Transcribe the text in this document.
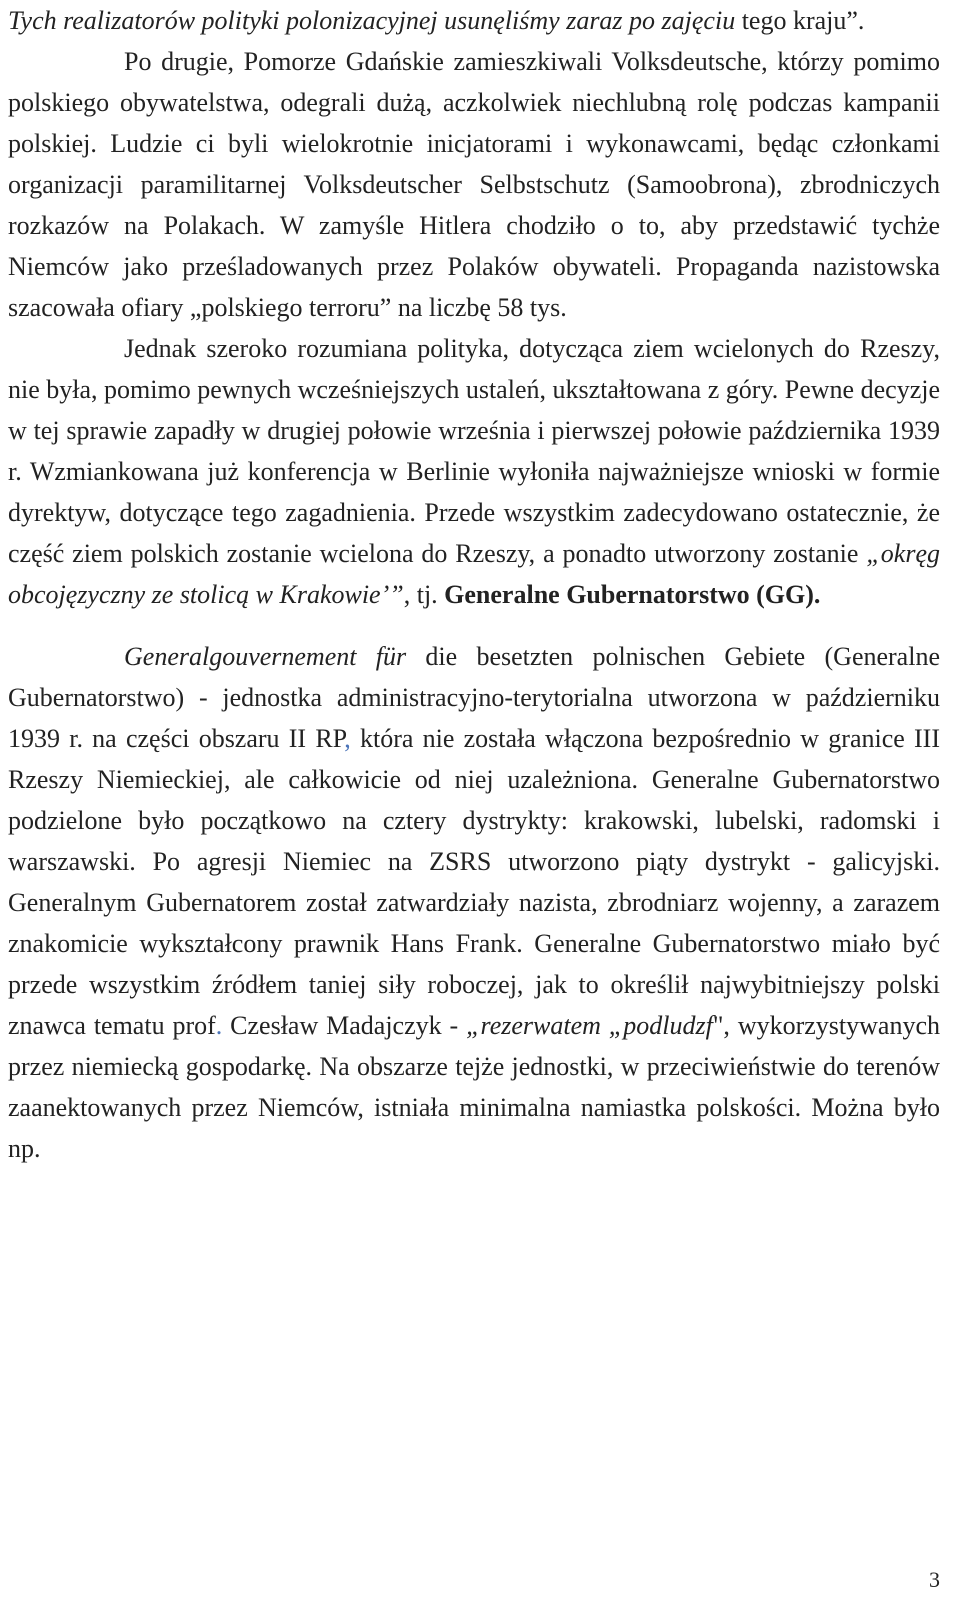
Tych realizatorów polityki polonizacyjnej usunęliśmy zaraz po zajęciu tego kraju”.

Po drugie, Pomorze Gdańskie zamieszkiwali Volksdeutsche, którzy pomimo polskiego obywatelstwa, odegrali dużą, aczkolwiek niechlubną rolę podczas kampanii polskiej. Ludzie ci byli wielokrotnie inicjatorami i wykonawcami, będąc członkami organizacji paramilitarnej Volksdeutscher Selbstschutz (Samoobrona), zbrodniczych rozkazów na Polakach. W zamyśle Hitlera chodziło o to, aby przedstawić tychże Niemców jako prześladowanych przez Polaków obywateli. Propaganda nazistowska szacowała ofiary „polskiego terroru” na liczbę 58 tys.

Jednak szeroko rozumiana polityka, dotycząca ziem wcielonych do Rzeszy, nie była, pomimo pewnych wcześniejszych ustaleń, ukształtowana z góry. Pewne decyzje w tej sprawie zapadły w drugiej połowie września i pierwszej połowie października 1939 r. Wzmiankowana już konferencja w Berlinie wyłoniła najważniejsze wnioski w formie dyrektyw, dotyczące tego zagadnienia. Przede wszystkim zadecydowano ostatecznie, że część ziem polskich zostanie wcielona do Rzeszy, a ponadto utworzony zostanie „okręg obcojęzyczny ze stolicą w Krakowie’”, tj. Generalne Gubernatorstwo (GG).

Generalgouvernement für die besetzten polnischen Gebiete (Generalne Gubernatorstwo) - jednostka administracyjno-terytorialna utworzona w październiku 1939 r. na części obszaru II RP, która nie została włączona bezpośrednio w granice III Rzeszy Niemieckiej, ale całkowicie od niej uzależniona. Generalne Gubernatorstwo podzielone było początkowo na cztery dystrykty: krakowski, lubelski, radomski i warszawski. Po agresji Niemiec na ZSRS utworzono piąty dystrykt - galicyjski. Generalnym Gubernatorem został zatwardziały nazista, zbrodniarz wojenny, a zarazem znakomicie wykształcony prawnik Hans Frank. Generalne Gubernatorstwo miało być przede wszystkim źródłem taniej siły roboczej, jak to określił najwybitniejszy polski znawca tematu prof. Czesław Madajczyk - „rezerwatem „podludzf", wykorzystywanych przez niemiecką gospodarkę. Na obszarze tejże jednostki, w przeciwieństwie do terenów zaanektowanych przez Niemców, istniała minimalna namiastka polskości. Można było np.

3
